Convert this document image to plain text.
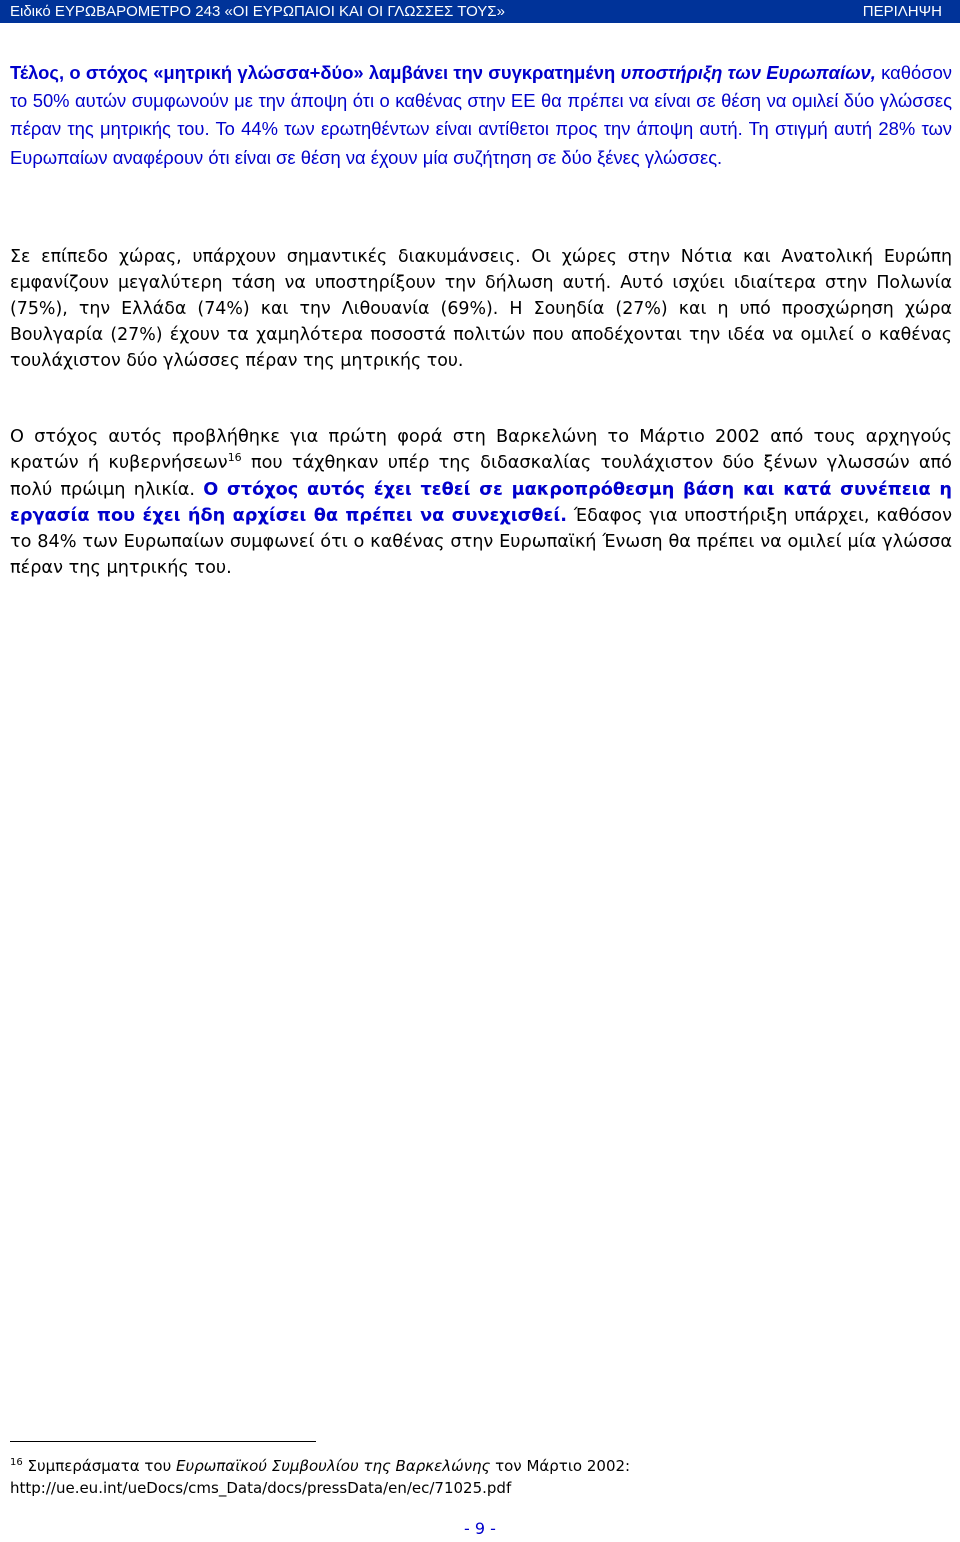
Ειδικό ΕΥΡΩΒΑΡΟΜΕΤΡΟ 243 «ΟΙ ΕΥΡΩΠΑΙΟΙ ΚΑΙ ΟΙ ΓΛΩΣΣΕΣ ΤΟΥΣ»	ΠΕΡΙΛΗΨΗ
Τέλος, ο στόχος «μητρική γλώσσα+δύο» λαμβάνει την συγκρατημένη υποστήριξη των Ευρωπαίων, καθόσον το 50% αυτών συμφωνούν με την άποψη ότι ο καθένας στην ΕΕ θα πρέπει να είναι σε θέση να ομιλεί δύο γλώσσες πέραν της μητρικής του. Το 44% των ερωτηθέντων είναι αντίθετοι προς την άποψη αυτή. Τη στιγμή αυτή 28% των Ευρωπαίων αναφέρουν ότι είναι σε θέση να έχουν μία συζήτηση σε δύο ξένες γλώσσες.
Σε επίπεδο χώρας, υπάρχουν σημαντικές διακυμάνσεις. Οι χώρες στην Νότια και Ανατολική Ευρώπη εμφανίζουν μεγαλύτερη τάση να υποστηρίξουν την δήλωση αυτή. Αυτό ισχύει ιδιαίτερα στην Πολωνία (75%), την Ελλάδα (74%) και την Λιθουανία (69%). Η Σουηδία (27%) και η υπό προσχώρηση χώρα Βουλγαρία (27%) έχουν τα χαμηλότερα ποσοστά πολιτών που αποδέχονται την ιδέα να ομιλεί ο καθένας τουλάχιστον δύο γλώσσες πέραν της μητρικής του.
Ο στόχος αυτός προβλήθηκε για πρώτη φορά στη Βαρκελώνη το Μάρτιο 2002 από τους αρχηγούς κρατών ή κυβερνήσεων$^{16}$ που τάχθηκαν υπέρ της διδασκαλίας τουλάχιστον δύο ξένων γλωσσών από πολύ πρώιμη ηλικία. Ο στόχος αυτός έχει τεθεί σε μακροπρόθεσμη βάση και κατά συνέπεια η εργασία που έχει ήδη αρχίσει θα πρέπει να συνεχισθεί. Έδαφος για υποστήριξη υπάρχει, καθόσον το 84% των Ευρωπαίων συμφωνεί ότι ο καθένας στην Ευρωπαϊκή Ένωση θα πρέπει να ομιλεί μία γλώσσα πέραν της μητρικής του.
$^{16}$ Συμπεράσματα του Ευρωπαϊκού Συμβουλίου της Βαρκελώνης τον Μάρτιο 2002:
http://ue.eu.int/ueDocs/cms_Data/docs/pressData/en/ec/71025.pdf
- 9 -
